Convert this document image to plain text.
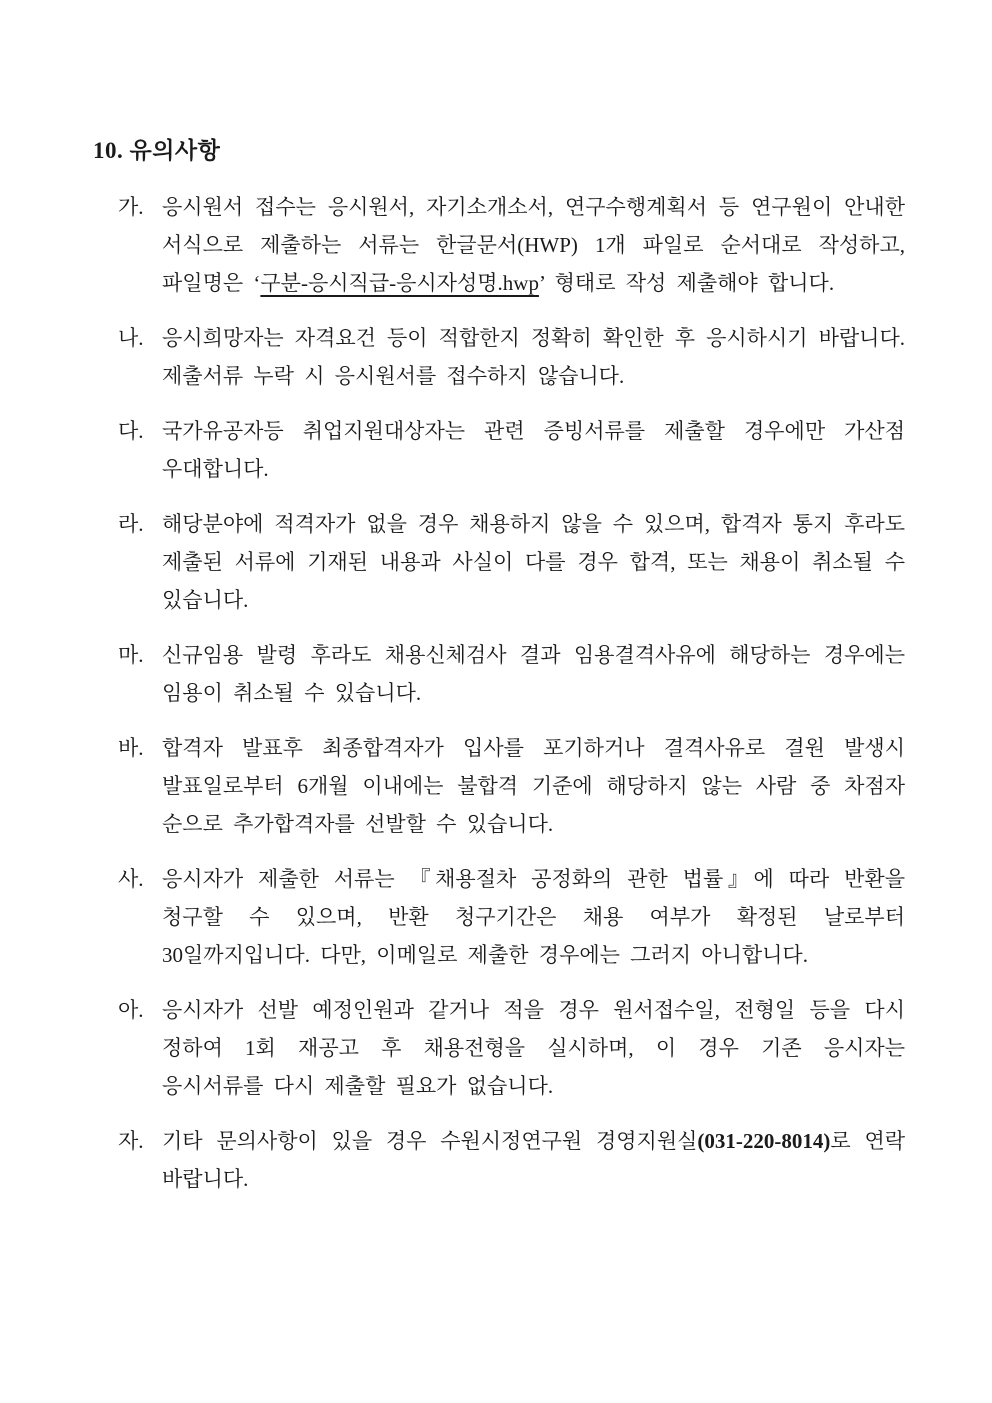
10. 유의사항
가. 응시원서 접수는 응시원서, 자기소개소서, 연구수행계획서 등 연구원이 안내한 서식으로 제출하는 서류는 한글문서(HWP) 1개 파일로 순서대로 작성하고, 파일명은 ‘구분-응시직급-응시자성명.hwp’ 형태로 작성 제출해야 합니다.
나. 응시희망자는 자격요건 등이 적합한지 정확히 확인한 후 응시하시기 바랍니다. 제출서류 누락 시 응시원서를 접수하지 않습니다.
다. 국가유공자등 취업지원대상자는 관련 증빙서류를 제출할 경우에만 가산점 우대합니다.
라. 해당분야에 적격자가 없을 경우 채용하지 않을 수 있으며, 합격자 통지 후라도 제출된 서류에 기재된 내용과 사실이 다를 경우 합격, 또는 채용이 취소될 수 있습니다.
마. 신규임용 발령 후라도 채용신체검사 결과 임용결격사유에 해당하는 경우에는 임용이 취소될 수 있습니다.
바. 합격자 발표후 최종합격자가 입사를 포기하거나 결격사유로 결원 발생시 발표일로부터 6개월 이내에는 불합격 기준에 해당하지 않는 사람 중 차점자 순으로 추가합격자를 선발할 수 있습니다.
사. 응시자가 제출한 서류는 『채용절차 공정화의 관한 법률』에 따라 반환을 청구할 수 있으며, 반환 청구기간은 채용 여부가 확정된 날로부터 30일까지입니다. 다만, 이메일로 제출한 경우에는 그러지 아니합니다.
아. 응시자가 선발 예정인원과 같거나 적을 경우 원서접수일, 전형일 등을 다시 정하여 1회 재공고 후 채용전형을 실시하며, 이 경우 기존 응시자는 응시서류를 다시 제출할 필요가 없습니다.
자. 기타 문의사항이 있을 경우 수원시정연구원 경영지원실(031-220-8014)로 연락 바랍니다.
